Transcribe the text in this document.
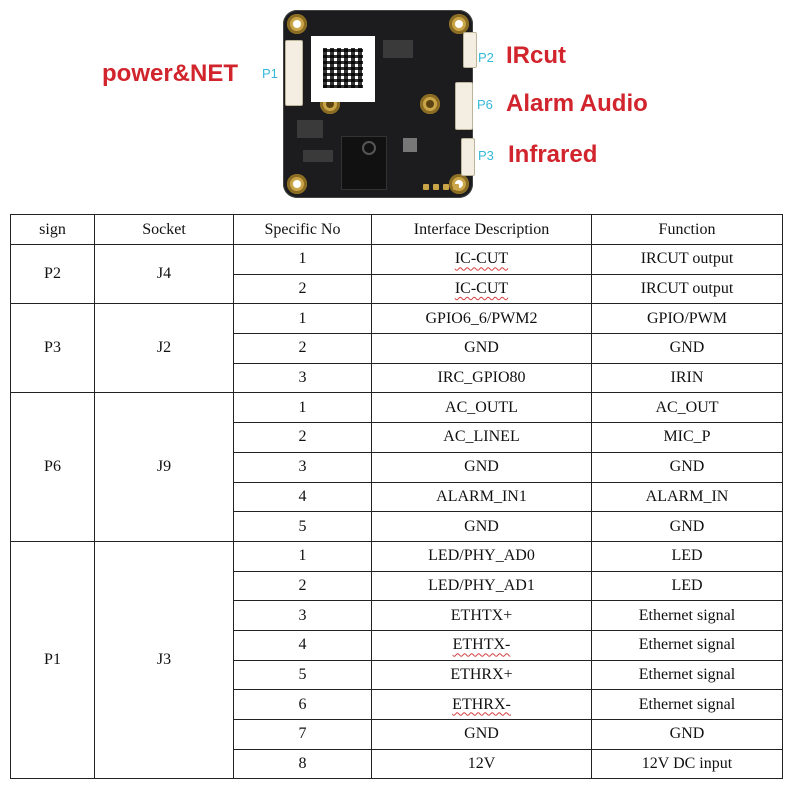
power&NET P1
P2 IRcut
P6 Alarm Audio
P3 Infrared
sign	Socket	Specific No	Interface Description	Function
P2	J4	1	IC-CUT	IRCUT output
		2	IC-CUT	IRCUT output
P3	J2	1	GPIO6_6/PWM2	GPIO/PWM
		2	GND	GND
		3	IRC_GPIO80	IRIN
P6	J9	1	AC_OUTL	AC_OUT
		2	AC_LINEL	MIC_P
		3	GND	GND
		4	ALARM_IN1	ALARM_IN
		5	GND	GND
P1	J3	1	LED/PHY_AD0	LED
		2	LED/PHY_AD1	LED
		3	ETHTX+	Ethernet signal
		4	ETHTX-	Ethernet signal
		5	ETHRX+	Ethernet signal
		6	ETHRX-	Ethernet signal
		7	GND	GND
		8	12V	12V DC input
